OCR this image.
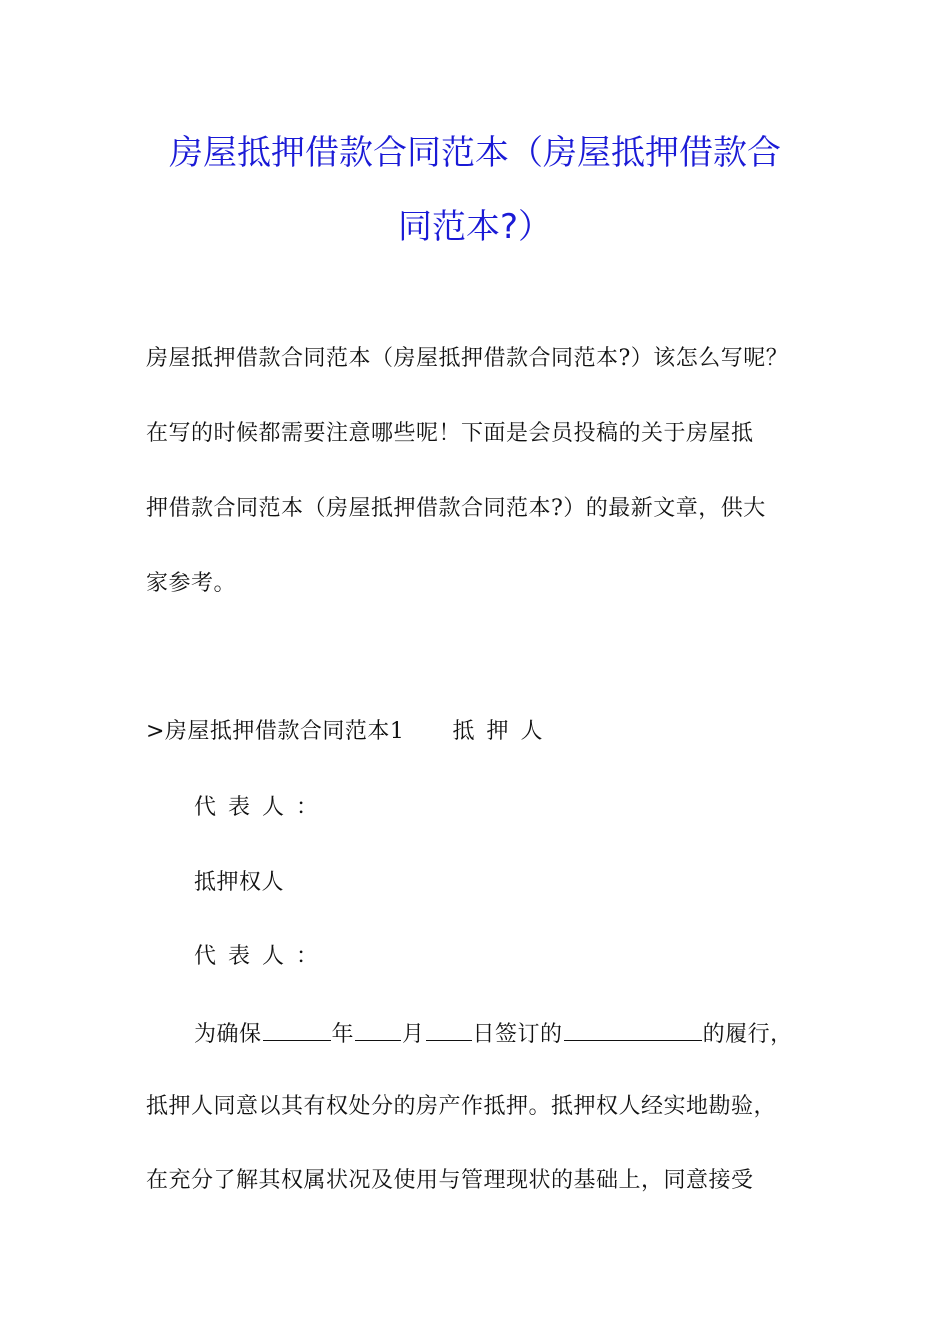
房屋抵押借款合同范本（房屋抵押借款合
同范本?）
房屋抵押借款合同范本（房屋抵押借款合同范本?）该怎么写呢？
在写的时候都需要注意哪些呢！下面是会员投稿的关于房屋抵
押借款合同范本（房屋抵押借款合同范本?）的最新文章，供大
家参考。
>房屋抵押借款合同范本1 抵押人
代表人：
抵押权人
代表人：
为确保	年 月 日签订的	的履行，
抵押人同意以其有权处分的房产作抵押。抵押权人经实地勘验，
在充分了解其权属状况及使用与管理现状的基础上，同意接受
